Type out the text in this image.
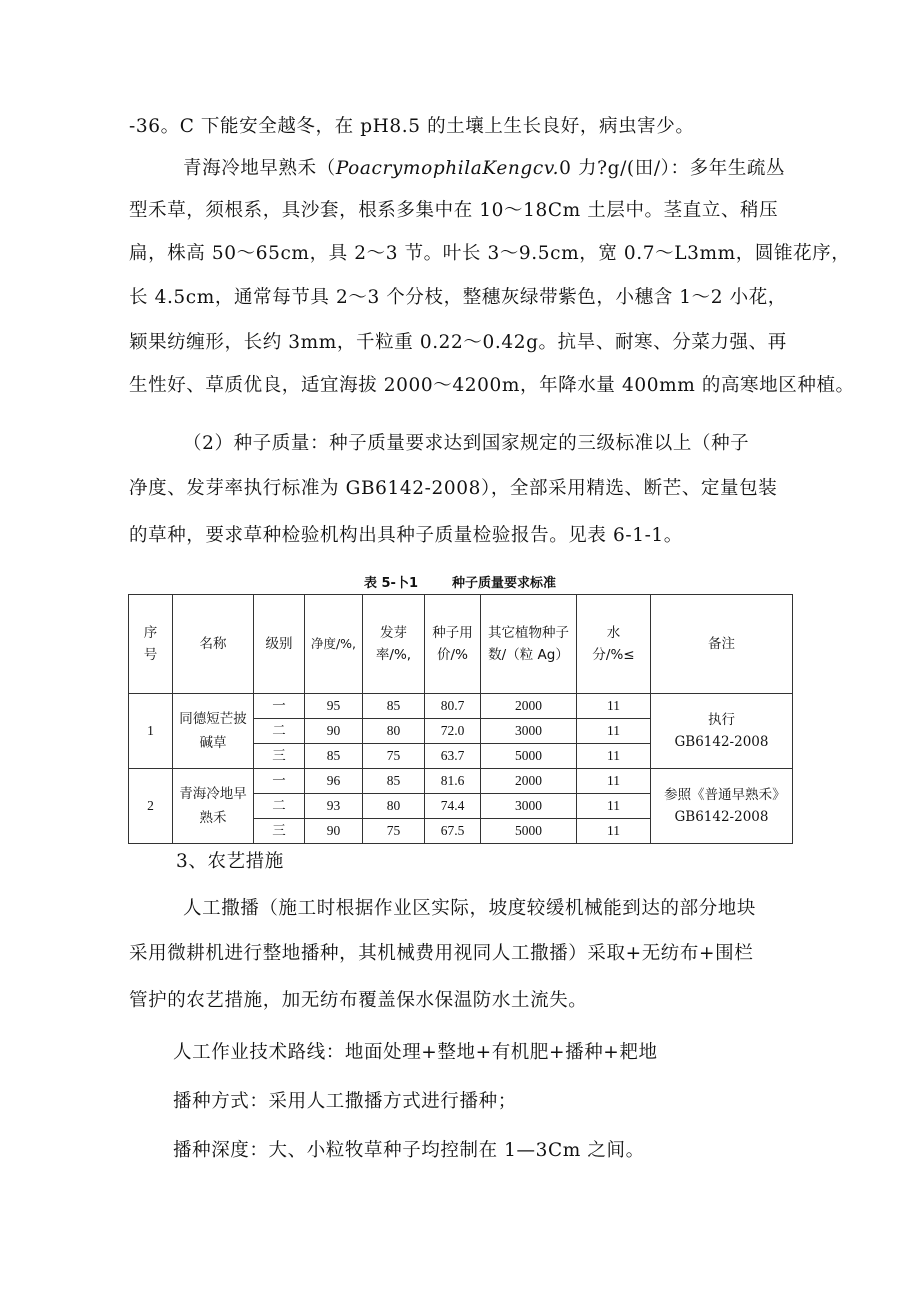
-36。C 下能安全越冬，在 pH8.5 的土壤上生长良好，病虫害少。
青海冷地早熟禾（PoacrymophilaKengcv.0 力?g/(⽥/）：多年生疏丛
型禾草，须根系，具沙套，根系多集中在 10～18Cm 土层中。茎直立、稍压
扁，株高 50～65cm，具 2～3 节。叶长 3～9.5cm，宽 0.7～L3mm，圆锥花序，
长 4.5cm，通常每节具 2～3 个分枝，整穗灰绿带紫色，小穗含 1～2 小花，
颖果纺缠形，长约 3mm，千粒重 0.22～0.42g。抗旱、耐寒、分菜力强、再
生性好、草质优良，适宜海拔 2000～4200m，年降水量 400mm 的高寒地区种植。
（2）种子质量：种子质量要求达到国家规定的三级标准以上（种子
净度、发芽率执行标准为 GB6142-2008），全部采用精选、断芒、定量包装
的草种，要求草种检验机构出具种子质量检验报告。见表 6-1-1。
表 5-卜1	种子质量要求标准
序号	名称	级别	净度/%,	发芽率/%,	种子用价/%	其它植物种子数/（粒 Ag）	水分/%≤	备注
1	同德短芒披碱草	一	95	85	80.7	2000	11	执行
GB6142-2008
		二	90	80	72.0	3000	11	
		三	85	75	63.7	5000	11	
2	青海冷地早熟禾	一	96	85	81.6	2000	11	参照《普通早熟禾》GB6142-2008
		二	93	80	74.4	3000	11	
		三	90	75	67.5	5000	11	
3、农艺措施
人工撒播（施工时根据作业区实际，坡度较缓机械能到达的部分地块
采用微耕机进行整地播种，其机械费用视同人工撒播）采取+无纺布+围栏
管护的农艺措施，加无纺布覆盖保水保温防水土流失。
人工作业技术路线：地面处理+整地+有机肥+播种+耙地
播种方式：采用人工撒播方式进行播种；
播种深度：大、小粒牧草种子均控制在 1—3Cm 之间。
